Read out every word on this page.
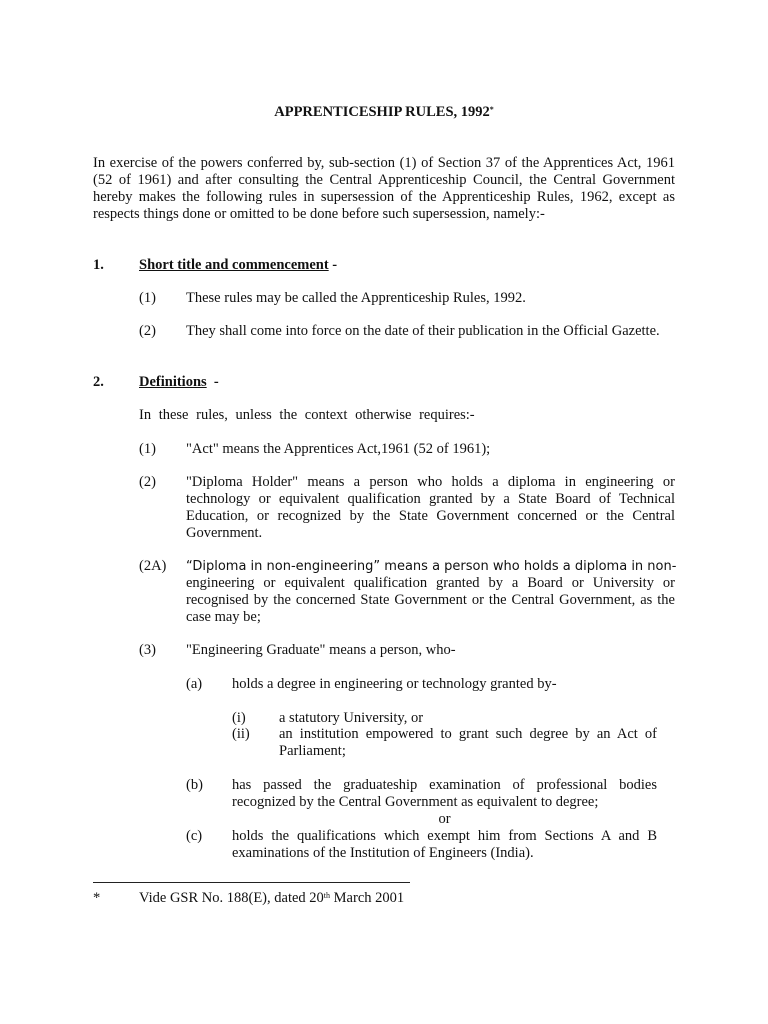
APPRENTICESHIP RULES, 1992*
In exercise of the powers conferred by, sub-section (1) of Section 37 of the Apprentices Act, 1961 (52 of 1961) and after consulting the Central Apprenticeship Council, the Central Government hereby makes the following rules in supersession of the Apprenticeship Rules, 1962, except as respects things done or omitted to be done before such supersession, namely:-
1. Short title and commencement -
(1) These rules may be called the Apprenticeship Rules, 1992.
(2) They shall come into force on the date of their publication in the Official Gazette.
2. Definitions -
In these rules, unless the context otherwise requires:-
(1) "Act" means the Apprentices Act,1961 (52 of 1961);
(2) "Diploma Holder" means a person who holds a diploma in engineering or technology or equivalent qualification granted by a State Board of Technical Education, or recognized by the State Government concerned or the Central Government.
(2A) “Diploma in non-engineering” means a person who holds a diploma in non-
engineering or equivalent qualification granted by a Board or University or recognised by the concerned State Government or the Central Government, as the case may be;
(3) "Engineering Graduate" means a person, who-
(a) holds a degree in engineering or technology granted by-
(i) a statutory University, or
(ii) an institution empowered to grant such degree by an Act of Parliament;
(b) has passed the graduateship examination of professional bodies recognized by the Central Government as equivalent to degree;
or
(c) holds the qualifications which exempt him from Sections A and B examinations of the Institution of Engineers (India).
*	Vide GSR No. 188(E), dated 20th March 2001
